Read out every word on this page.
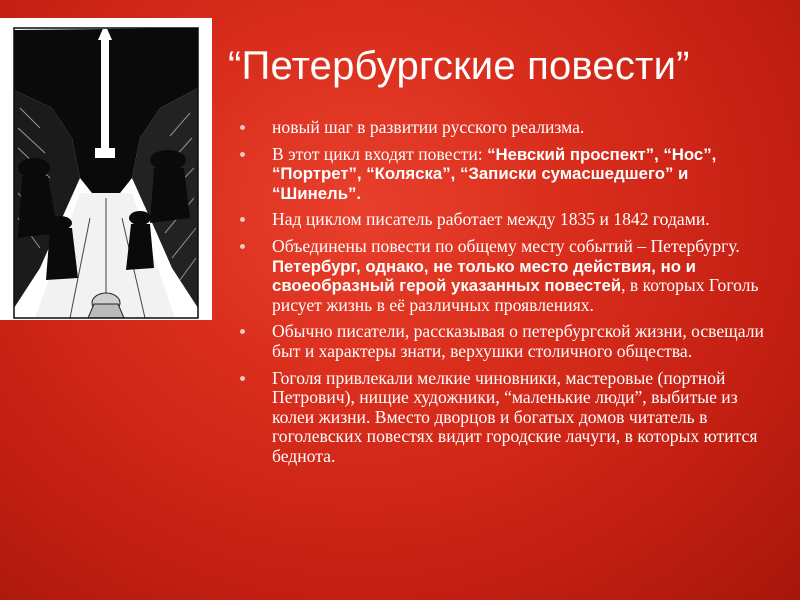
“Петербургские повести”
новый шаг в развитии русского реализма.
В этот цикл входят повести: “Невский проспект”, “Нос”, “Портрет”, “Коляска”, “Записки сумасшедшего” и “Шинель”.
Над циклом писатель работает между 1835 и 1842 годами.
Объединены повести по общему месту событий – Петербургу. Петербург, однако, не только место действия, но и своеобразный герой указанных повестей, в которых Гоголь рисует жизнь в её различных проявлениях.
Обычно писатели, рассказывая о петербургской жизни, освещали быт и характеры знати, верхушки столичного общества.
Гоголя привлекали мелкие чиновники, мастеровые (портной Петрович), нищие художники, “маленькие люди”, выбитые из колеи жизни. Вместо дворцов и богатых домов читатель в гоголевских повестях видит городские лачуги, в которых ютится беднота.
